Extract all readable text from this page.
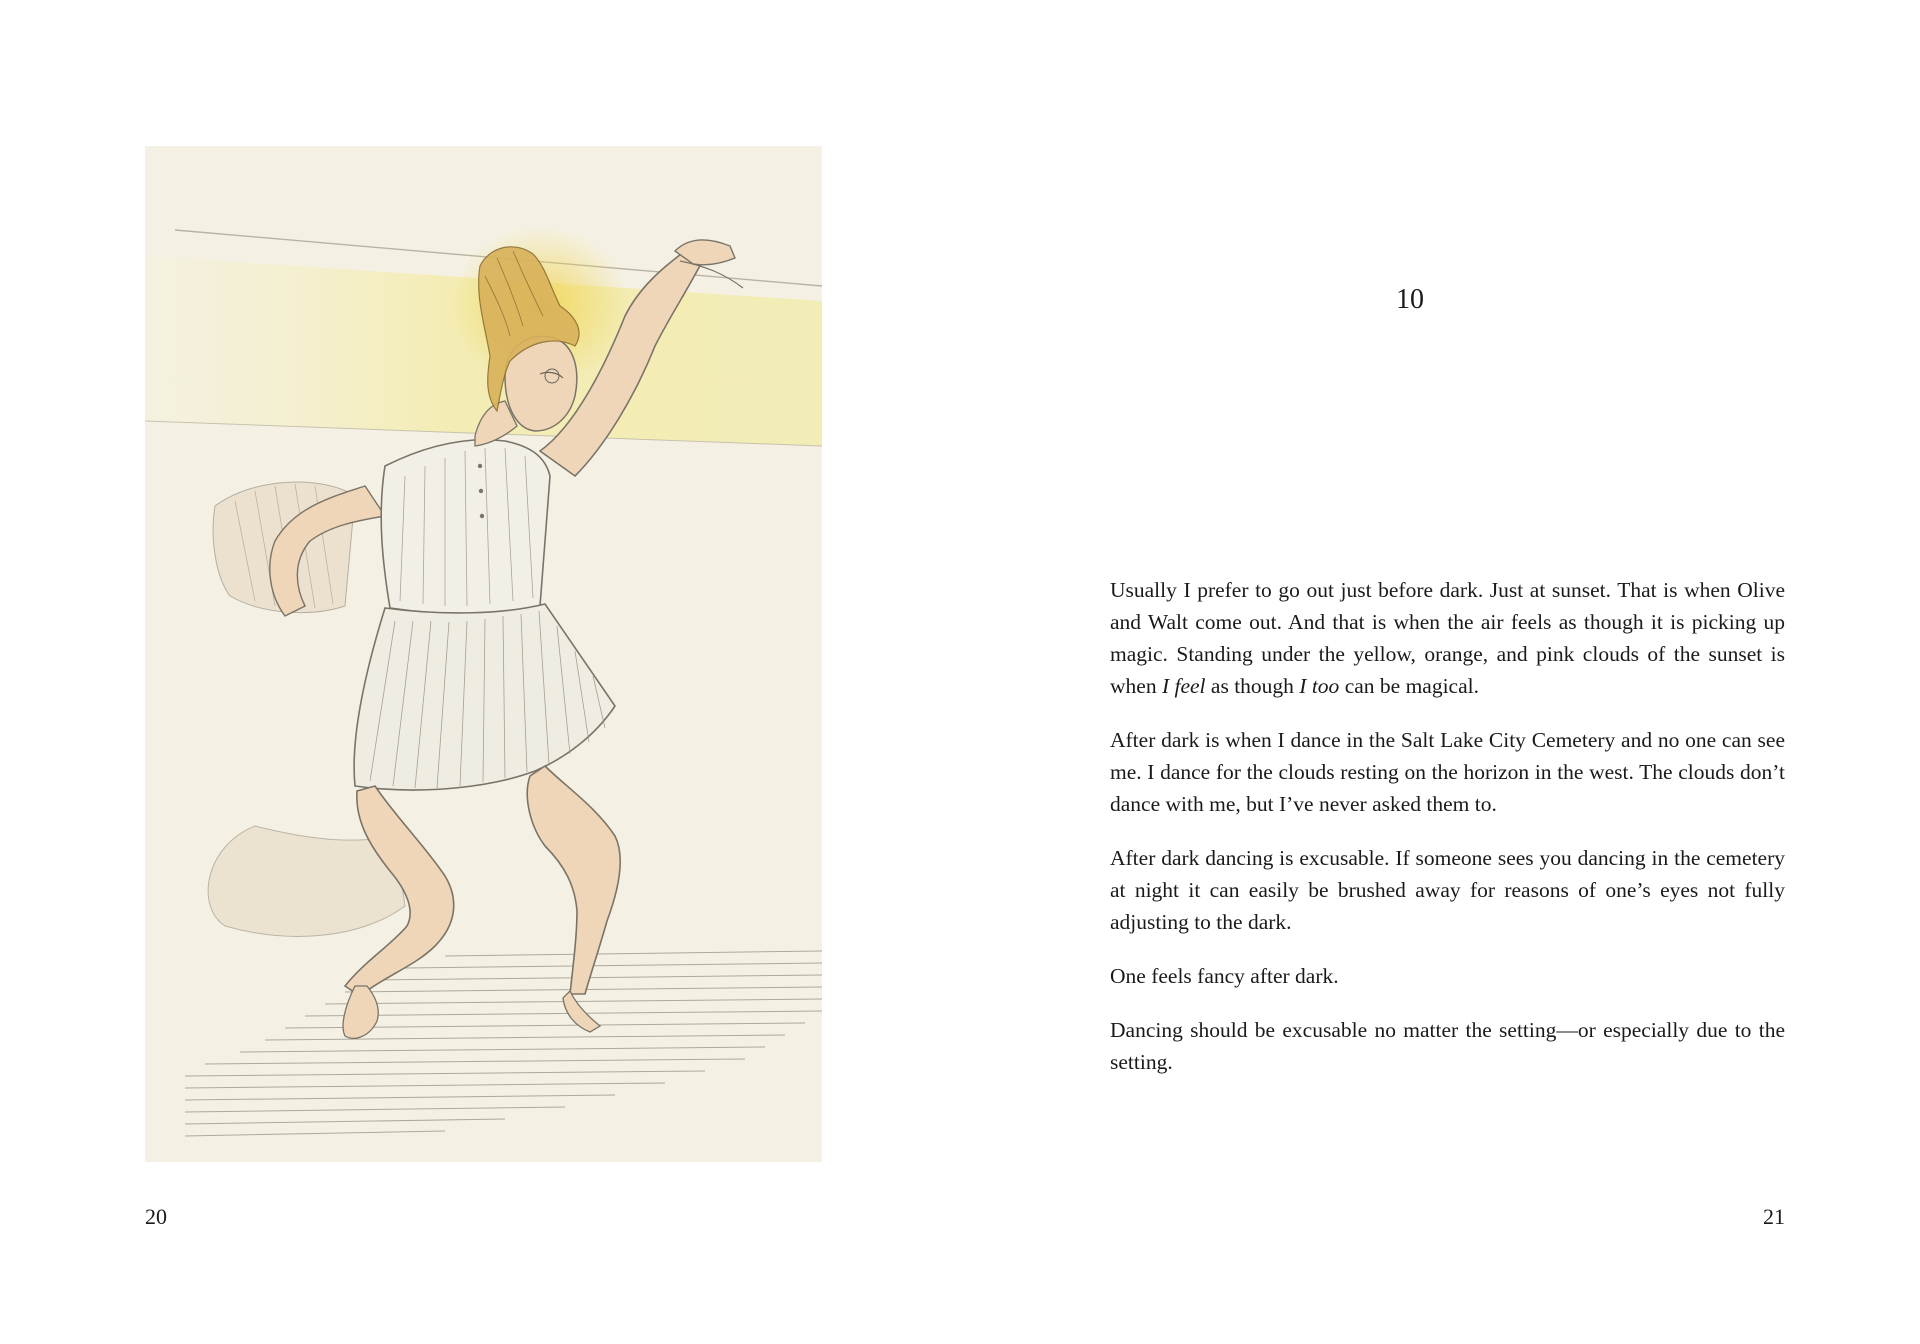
20
10

Usually I prefer to go out just before dark. Just at sunset. That is when Olive and Walt come out. And that is when the air feels as though it is picking up magic. Standing under the yellow, orange, and pink clouds of the sunset is when I feel as though I too can be magical.

After dark is when I dance in the Salt Lake City Cemetery and no one can see me. I dance for the clouds resting on the horizon in the west. The clouds don’t dance with me, but I’ve never asked them to.

After dark dancing is excusable. If someone sees you dancing in the cemetery at night it can easily be brushed away for reasons of one’s eyes not fully adjusting to the dark.

One feels fancy after dark.

Dancing should be excusable no matter the setting—or especially due to the setting.

21
